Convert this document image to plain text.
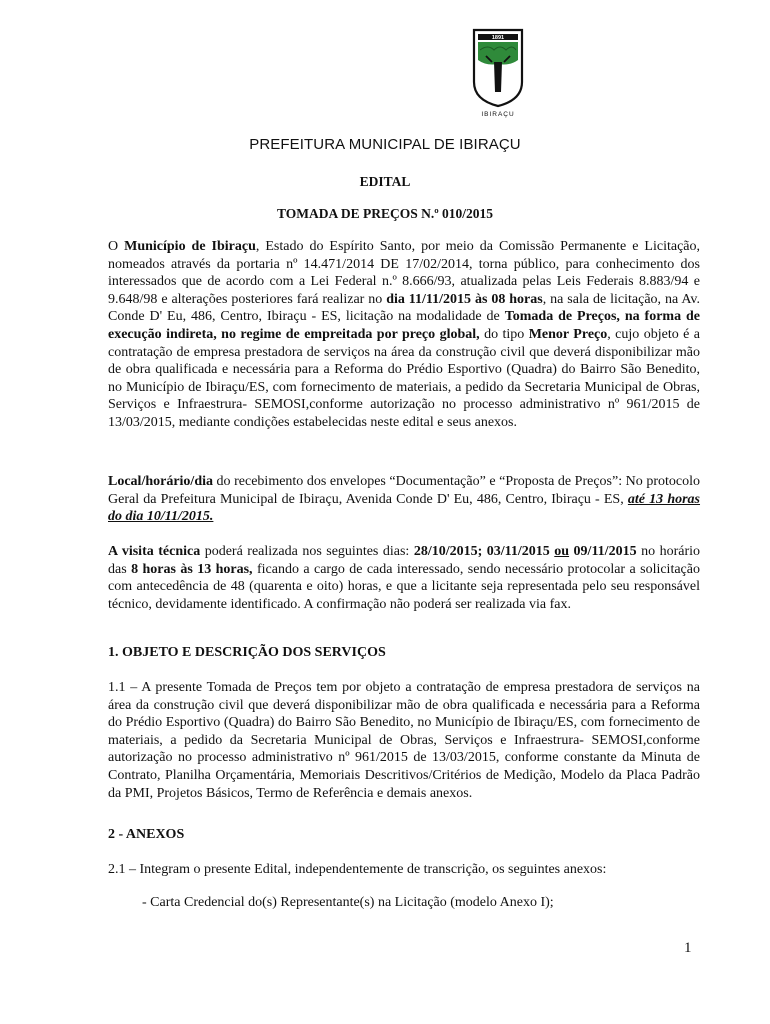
1891
IBIRAÇU
PREFEITURA MUNICIPAL DE IBIRAÇU
EDITAL
TOMADA DE PREÇOS N.º 010/2015
O Município de Ibiraçu, Estado do Espírito Santo, por meio da Comissão Permanente e Licitação, nomeados através da portaria nº 14.471/2014 DE 17/02/2014, torna público, para conhecimento dos interessados que de acordo com a Lei Federal n.º 8.666/93, atualizada pelas Leis Federais 8.883/94 e 9.648/98 e alterações posteriores fará realizar no dia 11/11/2015 às 08 horas, na sala de licitação, na Av. Conde D' Eu, 486, Centro, Ibiraçu - ES, licitação na modalidade de Tomada de Preços, na forma de execução indireta, no regime de empreitada por preço global, do tipo Menor Preço, cujo objeto é a contratação de empresa prestadora de serviços na área da construção civil que deverá disponibilizar mão de obra qualificada e necessária para a Reforma do Prédio Esportivo (Quadra) do Bairro São Benedito, no Município de Ibiraçu/ES, com fornecimento de materiais, a pedido da Secretaria Municipal de Obras, Serviços e Infraestrura- SEMOSI,conforme autorização no processo administrativo nº 961/2015 de 13/03/2015, mediante condições estabelecidas neste edital e seus anexos.
Local/horário/dia do recebimento dos envelopes “Documentação” e “Proposta de Preços”: No protocolo Geral da Prefeitura Municipal de Ibiraçu, Avenida Conde D' Eu, 486, Centro, Ibiraçu - ES, até 13 horas do dia 10/11/2015.
A visita técnica poderá realizada nos seguintes dias: 28/10/2015; 03/11/2015 ou 09/11/2015 no horário das 8 horas às 13 horas, ficando a cargo de cada interessado, sendo necessário protocolar a solicitação com antecedência de 48 (quarenta e oito) horas, e que a licitante seja representada pelo seu responsável técnico, devidamente identificado. A confirmação não poderá ser realizada via fax.
1. OBJETO E DESCRIÇÃO DOS SERVIÇOS
1.1 – A presente Tomada de Preços tem por objeto a contratação de empresa prestadora de serviços na área da construção civil que deverá disponibilizar mão de obra qualificada e necessária para a Reforma do Prédio Esportivo (Quadra) do Bairro São Benedito, no Município de Ibiraçu/ES, com fornecimento de materiais, a pedido da Secretaria Municipal de Obras, Serviços e Infraestrura- SEMOSI,conforme autorização no processo administrativo nº 961/2015 de 13/03/2015, conforme constante da Minuta de Contrato, Planilha Orçamentária, Memoriais Descritivos/Critérios de Medição, Modelo da Placa Padrão da PMI, Projetos Básicos, Termo de Referência e demais anexos.
2 - ANEXOS
2.1 – Integram o presente Edital, independentemente de transcrição, os seguintes anexos:
- Carta Credencial do(s) Representante(s) na Licitação (modelo Anexo I);
1
